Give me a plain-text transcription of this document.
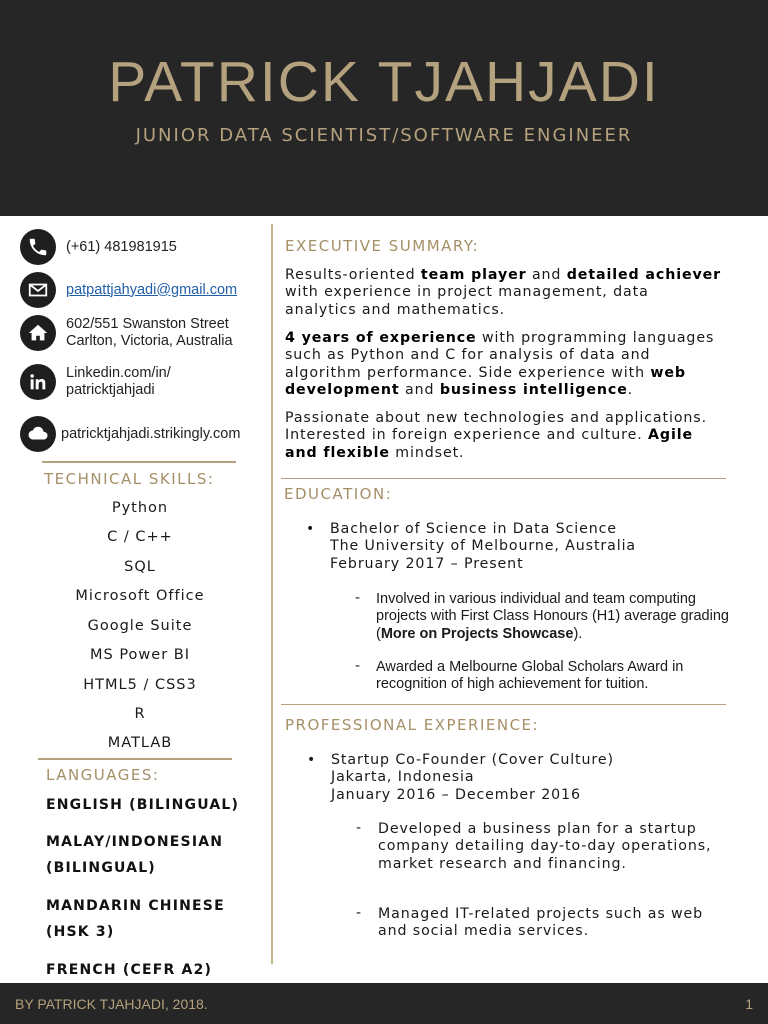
PATRICK TJAHJADI
JUNIOR DATA SCIENTIST/SOFTWARE ENGINEER
(+61) 481981915
patpattjahyadi@gmail.com
602/551 Swanston Street
Carlton, Victoria, Australia
Linkedin.com/in/
patricktjahjadi
patricktjahjadi.strikingly.com
TECHNICAL SKILLS:
Python
C / C++
SQL
Microsoft Office
Google Suite
MS Power BI
HTML5 / CSS3
R
MATLAB
LANGUAGES:
ENGLISH (BILINGUAL)
MALAY/INDONESIAN
(BILINGUAL)
MANDARIN CHINESE
(HSK 3)
FRENCH (CEFR A2)
EXECUTIVE SUMMARY:
Results-oriented team player and detailed achiever with experience in project management, data analytics and mathematics.
4 years of experience with programming languages such as Python and C for analysis of data and algorithm performance. Side experience with web development and business intelligence.
Passionate about new technologies and applications. Interested in foreign experience and culture. Agile and flexible mindset.
EDUCATION:
• Bachelor of Science in Data Science
The University of Melbourne, Australia
February 2017 – Present
- Involved in various individual and team computing projects with First Class Honours (H1) average grading (More on Projects Showcase).
- Awarded a Melbourne Global Scholars Award in recognition of high achievement for tuition.
PROFESSIONAL EXPERIENCE:
• Startup Co-Founder (Cover Culture)
Jakarta, Indonesia
January 2016 – December 2016
- Developed a business plan for a startup company detailing day-to-day operations, market research and financing.
- Managed IT-related projects such as web and social media services.
BY PATRICK TJAHJADI, 2018.	1
